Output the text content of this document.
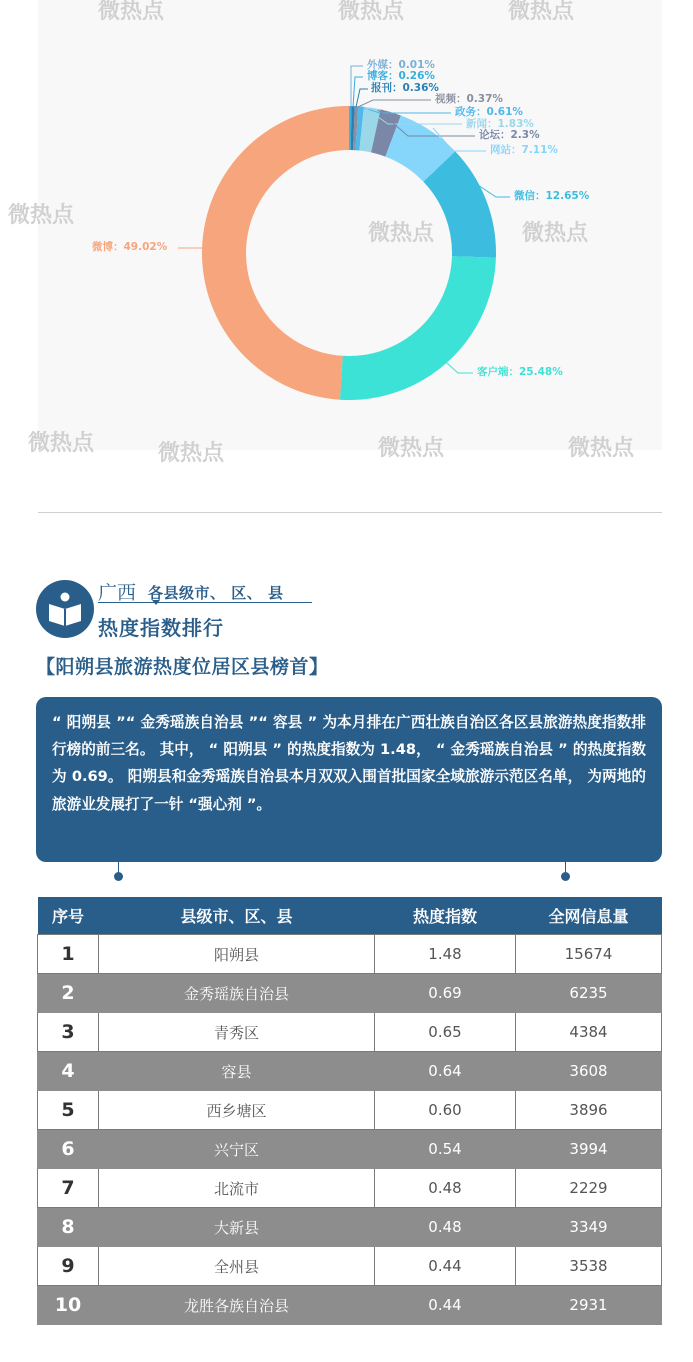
微热点	微热点
微热点
微热点	微热点	微热点
微热点	微热点	微热点	微热点
外媒：0.01%
博客：0.26%
报刊：0.36%
视频：0.37%
政务：0.61%
新闻：1.83%
论坛：2.3%
网站：7.11%
微信：12.65%
客户端：25.48%
微博：49.02%
广西 各县级市、 区、 县
热度指数排行
【阳朔县旅游热度位居区县榜首】
“ 阳朔县 ”“ 金秀瑶族自治县 ”“ 容县 ” 为本月排在广西壮族自治区各区县旅游热度指数排行榜的前三名。 其中， “ 阳朔县 ” 的热度指数为 1.48， “ 金秀瑶族自治县 ” 的热度指数为 0.69。 阳朔县和金秀瑶族自治县本月双双入围首批国家全域旅游示范区名单， 为两地的旅游业发展打了一针 “强心剂 ”。
序号	县级市、区、县	热度指数	全网信息量
1	阳朔县	1.48	15674
2	金秀瑶族自治县	0.69	6235
3	青秀区	0.65	4384
4	容县	0.64	3608
5	西乡塘区	0.60	3896
6	兴宁区	0.54	3994
7	北流市	0.48	2229
8	大新县	0.48	3349
9	全州县	0.44	3538
10	龙胜各族自治县	0.44	2931
